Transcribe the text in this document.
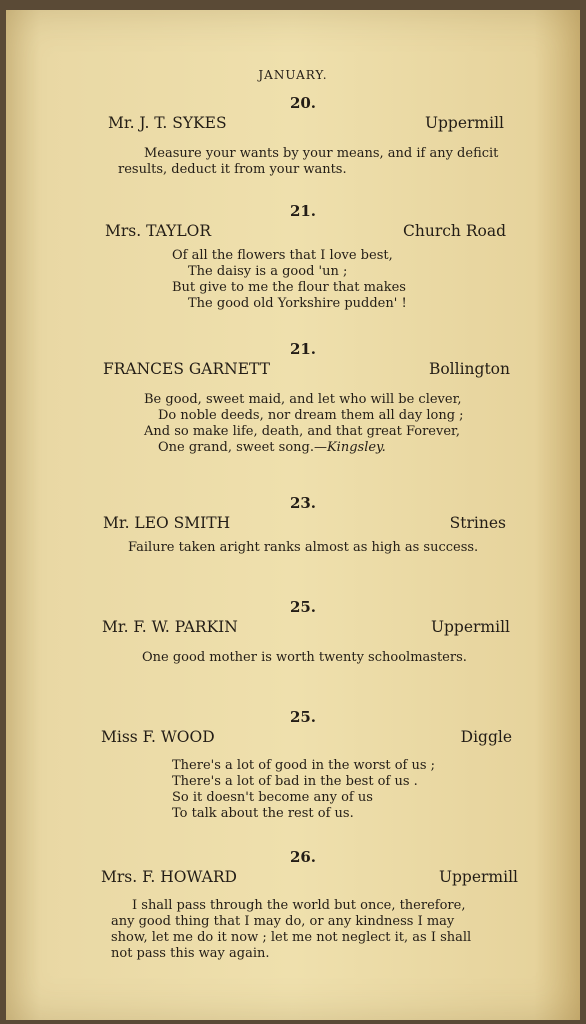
JANUARY.
20.
Mr. J. T. SYKES	Uppermill
Measure your wants by your means, and if any deficit
results, deduct it from your wants.
21.
Mrs. TAYLOR	Church Road
Of all the flowers that I love best,
The daisy is a good 'un ;
But give to me the flour that makes
The good old Yorkshire pudden' !
21.
FRANCES GARNETT	Bollington
Be good, sweet maid, and let who will be clever,
Do noble deeds, nor dream them all day long ;
And so make life, death, and that great Forever,
One grand, sweet song.—Kingsley.
23.
Mr. LEO SMITH	Strines
Failure taken aright ranks almost as high as success.
25.
Mr. F. W. PARKIN	Uppermill
One good mother is worth twenty schoolmasters.
25.
Miss F. WOOD	Diggle
There's a lot of good in the worst of us ;
There's a lot of bad in the best of us .
So it doesn't become any of us
To talk about the rest of us.
26.
Mrs. F. HOWARD	Uppermill
I shall pass through the world but once, therefore,
any good thing that I may do, or any kindness I may
show, let me do it now ; let me not neglect it, as I shall
not pass this way again.
